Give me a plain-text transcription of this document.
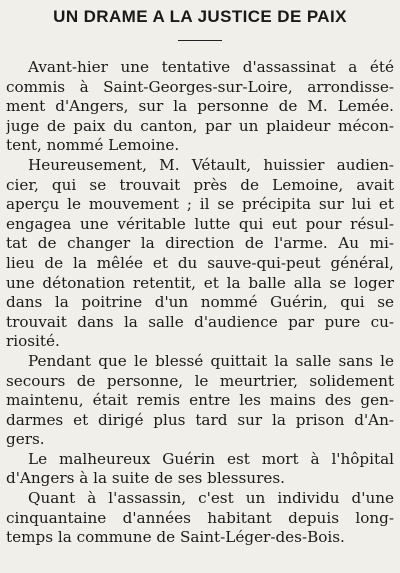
UN DRAME A LA JUSTICE DE PAIX
Avant-hier une tentative d'assassinat a été
commis à Saint-Georges-sur-Loire, arrondisse-
ment d'Angers, sur la personne de M. Lemée.
juge de paix du canton, par un plaideur mécon-
tent, nommé Lemoine.
Heureusement, M. Vétault, huissier audien-
cier, qui se trouvait près de Lemoine, avait
aperçu le mouvement ; il se précipita sur lui et
engagea une véritable lutte qui eut pour résul-
tat de changer la direction de l'arme. Au mi-
lieu de la mêlée et du sauve-qui-peut général,
une détonation retentit, et la balle alla se loger
dans la poitrine d'un nommé Guérin, qui se
trouvait dans la salle d'audience par pure cu-
riosité.
Pendant que le blessé quittait la salle sans le
secours de personne, le meurtrier, solidement
maintenu, était remis entre les mains des gen-
darmes et dirigé plus tard sur la prison d'An-
gers.
Le malheureux Guérin est mort à l'hôpital
d'Angers à la suite de ses blessures.
Quant à l'assassin, c'est un individu d'une
cinquantaine d'années habitant depuis long-
temps la commune de Saint-Léger-des-Bois.
